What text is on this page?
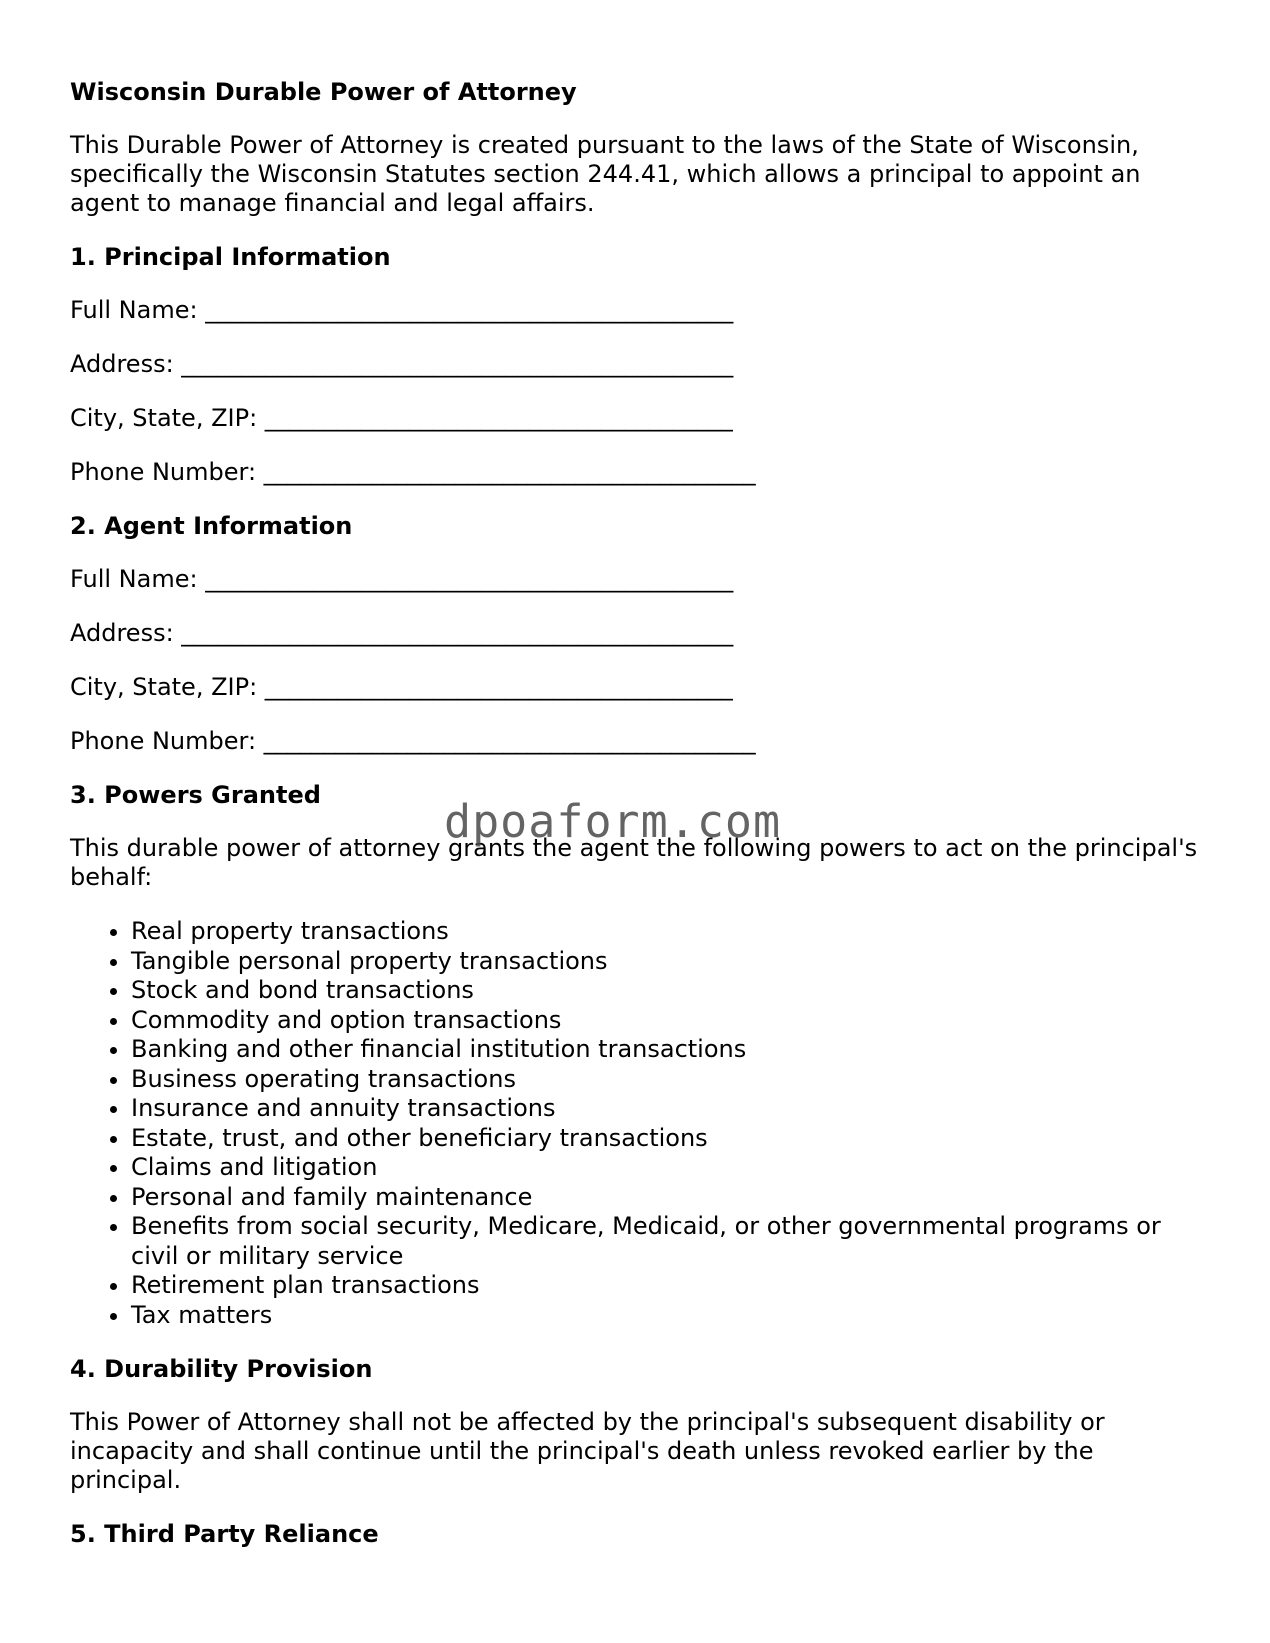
Wisconsin Durable Power of Attorney

This Durable Power of Attorney is created pursuant to the laws of the State of Wisconsin, specifically the Wisconsin Statutes section 244.41, which allows a principal to appoint an agent to manage financial and legal affairs.

1. Principal Information
Full Name: ____________________________________________
Address: ______________________________________________
City, State, ZIP: _______________________________________
Phone Number: _________________________________________
2. Agent Information
Full Name: ____________________________________________
Address: ______________________________________________
City, State, ZIP: _______________________________________
Phone Number: _________________________________________
3. Powers Granted

This durable power of attorney grants the agent the following powers to act on the principal's behalf:

• Real property transactions
• Tangible personal property transactions
• Stock and bond transactions
• Commodity and option transactions
• Banking and other financial institution transactions
• Business operating transactions
• Insurance and annuity transactions
• Estate, trust, and other beneficiary transactions
• Claims and litigation
• Personal and family maintenance
• Benefits from social security, Medicare, Medicaid, or other governmental programs or civil or military service
• Retirement plan transactions
• Tax matters
4. Durability Provision

This Power of Attorney shall not be affected by the principal's subsequent disability or incapacity and shall continue until the principal's death unless revoked earlier by the principal.

5. Third Party Reliance
dpoaform.com
